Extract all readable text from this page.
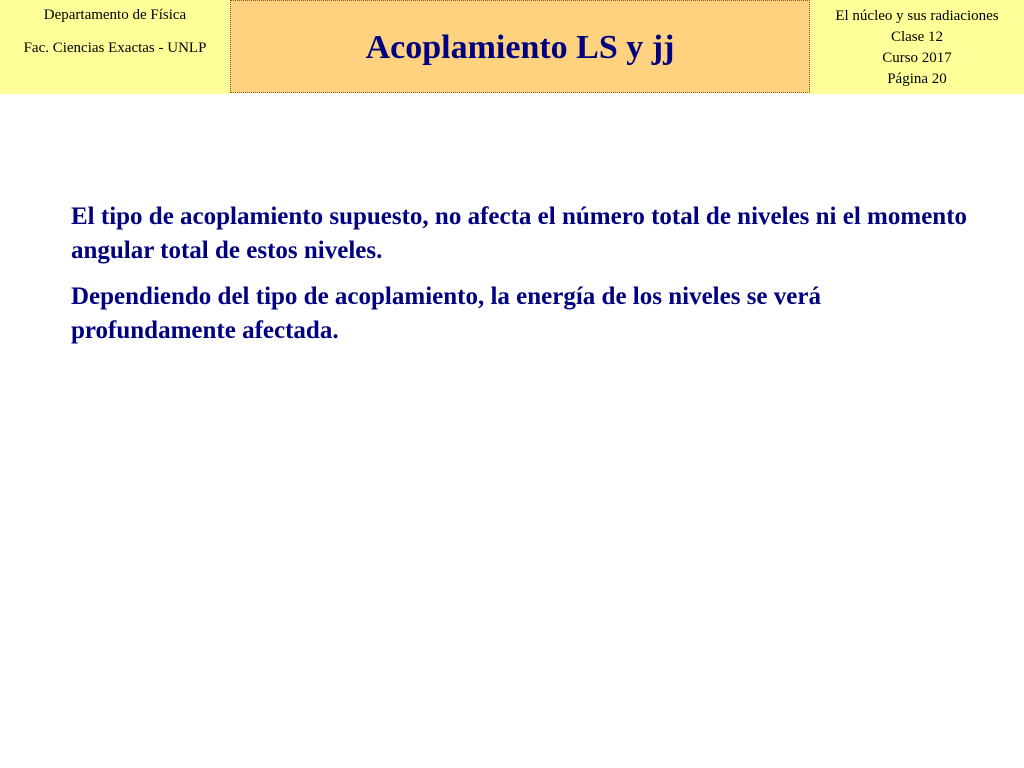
Departamento de Física
Fac. Ciencias Exactas - UNLP	Acoplamiento LS y jj
El núcleo y sus radiaciones
Clase 12
Curso 2017
Página 20

El tipo de acoplamiento supuesto, no afecta el número total de niveles ni el momento angular total de estos niveles.

Dependiendo del tipo de acoplamiento, la energía de los niveles se verá profundamente afectada.
